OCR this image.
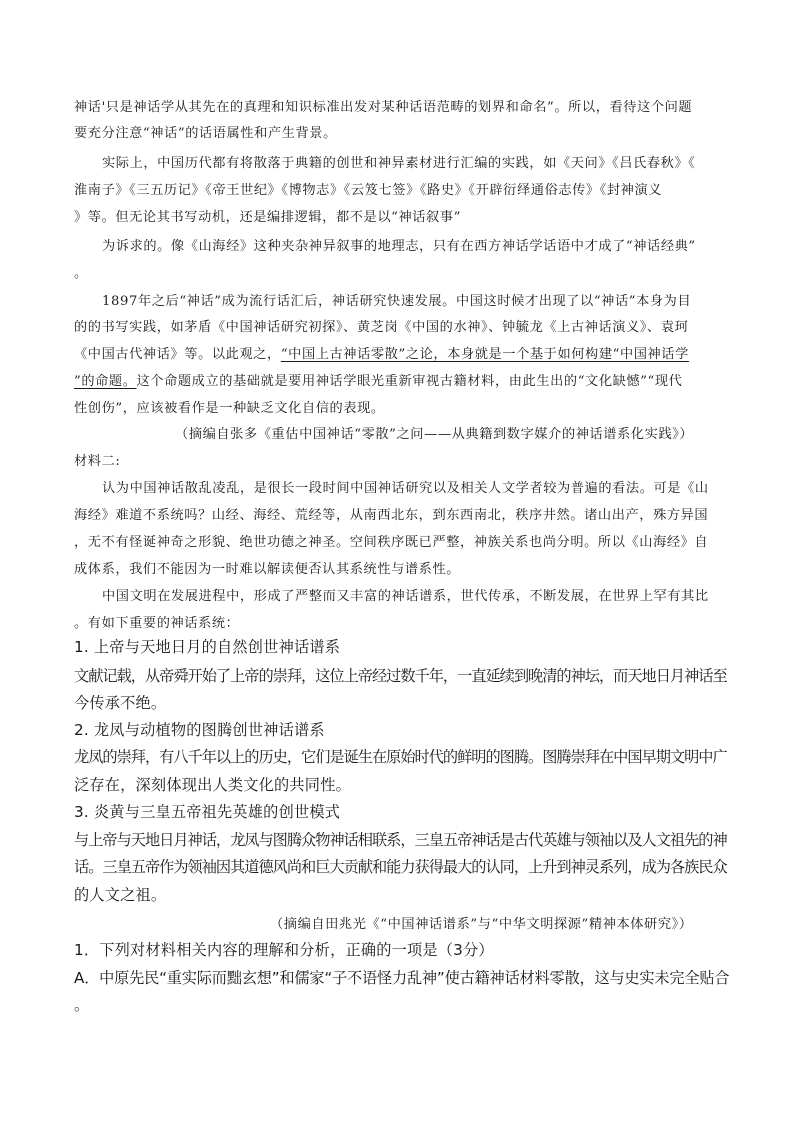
神话'只是神话学从其先在的真理和知识标准出发对某种话语范畴的划界和命名”。所以，看待这个问题
要充分注意“神话”的话语属性和产生背景。
实际上，中国历代都有将散落于典籍的创世和神异素材进行汇编的实践，如《天问》《吕氏春秋》《
淮南子》《三五历记》《帝王世纪》《博物志》《云笈七签》《路史》《开辟衍绎通俗志传》《封神演义
》等。但无论其书写动机，还是编排逻辑，都不是以“神话叙事”
为诉求的。像《山海经》这种夹杂神异叙事的地理志，只有在西方神话学话语中才成了“神话经典”
。
1897年之后“神话”成为流行话汇后，神话研究快速发展。中国这时候才出现了以“神话”本身为目
的的书写实践，如茅盾《中国神话研究初探》、黄芝岗《中国的水神》、钟毓龙《上古神话演义》、袁珂
《中国古代神话》等。以此观之，“中国上古神话零散”之论，本身就是一个基于如何构建“中国神话学
”的命题。这个命题成立的基础就是要用神话学眼光重新审视古籍材料，由此生出的“文化缺憾”“现代
性创伤”，应该被看作是一种缺乏文化自信的表现。
（摘编自张多《重估中国神话“零散”之问——从典籍到数字媒介的神话谱系化实践》）
材料二:
认为中国神话散乱凌乱，是很长一段时间中国神话研究以及相关人文学者较为普遍的看法。可是《山
海经》难道不系统吗？山经、海经、荒经等，从南西北东，到东西南北，秩序井然。诸山出产，殊方异国
，无不有怪诞神奇之形貌、绝世功德之神圣。空间秩序既已严整，神族关系也尚分明。所以《山海经》自
成体系，我们不能因为一时难以解读便否认其系统性与谱系性。
中国文明在发展进程中，形成了严整而又丰富的神话谱系，世代传承，不断发展，在世界上罕有其比
。有如下重要的神话系统：
1. 上帝与天地日月的自然创世神话谱系
文献记载，从帝舜开始了上帝的崇拜，这位上帝经过数千年，一直延续到晚清的神坛，而天地日月神话至
今传承不绝。
2. 龙凤与动植物的图腾创世神话谱系
龙凤的崇拜，有八千年以上的历史，它们是诞生在原始时代的鲜明的图腾。图腾崇拜在中国早期文明中广
泛存在，深刻体现出人类文化的共同性。
3. 炎黄与三皇五帝祖先英雄的创世模式
与上帝与天地日月神话，龙凤与图腾众物神话相联系，三皇五帝神话是古代英雄与领袖以及人文祖先的神
话。三皇五帝作为领袖因其道德风尚和巨大贡献和能力获得最大的认同，上升到神灵系列，成为各族民众
的人文之祖。
（摘编自田兆光《“中国神话谱系”与“中华文明探源”精神本体研究》）
1．下列对材料相关内容的理解和分析，正确的一项是（3分）
A．中原先民“重实际而黜玄想”和儒家“子不语怪力乱神”使古籍神话材料零散，这与史实未完全贴合
。
